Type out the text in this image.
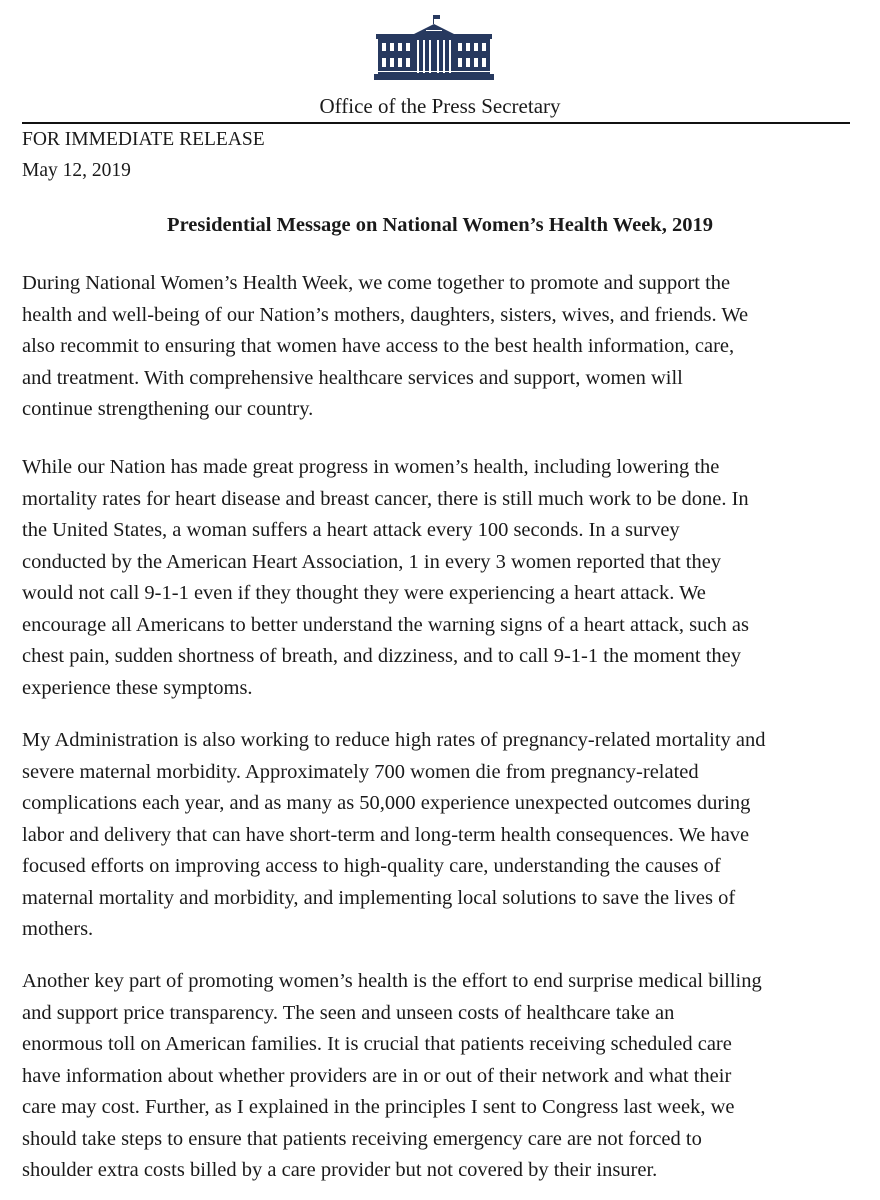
Office of the Press Secretary
FOR IMMEDIATE RELEASE
May 12, 2019
Presidential Message on National Women’s Health Week, 2019

During National Women’s Health Week, we come together to promote and support the
health and well-being of our Nation’s mothers, daughters, sisters, wives, and friends. We
also recommit to ensuring that women have access to the best health information, care,
and treatment. With comprehensive healthcare services and support, women will
continue strengthening our country.

While our Nation has made great progress in women’s health, including lowering the
mortality rates for heart disease and breast cancer, there is still much work to be done. In
the United States, a woman suffers a heart attack every 100 seconds. In a survey
conducted by the American Heart Association, 1 in every 3 women reported that they
would not call 9-1-1 even if they thought they were experiencing a heart attack. We
encourage all Americans to better understand the warning signs of a heart attack, such as
chest pain, sudden shortness of breath, and dizziness, and to call 9-1-1 the moment they
experience these symptoms.

My Administration is also working to reduce high rates of pregnancy-related mortality and
severe maternal morbidity. Approximately 700 women die from pregnancy-related
complications each year, and as many as 50,000 experience unexpected outcomes during
labor and delivery that can have short-term and long-term health consequences. We have
focused efforts on improving access to high-quality care, understanding the causes of
maternal mortality and morbidity, and implementing local solutions to save the lives of
mothers.

Another key part of promoting women’s health is the effort to end surprise medical billing
and support price transparency. The seen and unseen costs of healthcare take an
enormous toll on American families. It is crucial that patients receiving scheduled care
have information about whether providers are in or out of their network and what their
care may cost. Further, as I explained in the principles I sent to Congress last week, we
should take steps to ensure that patients receiving emergency care are not forced to
shoulder extra costs billed by a care provider but not covered by their insurer.
